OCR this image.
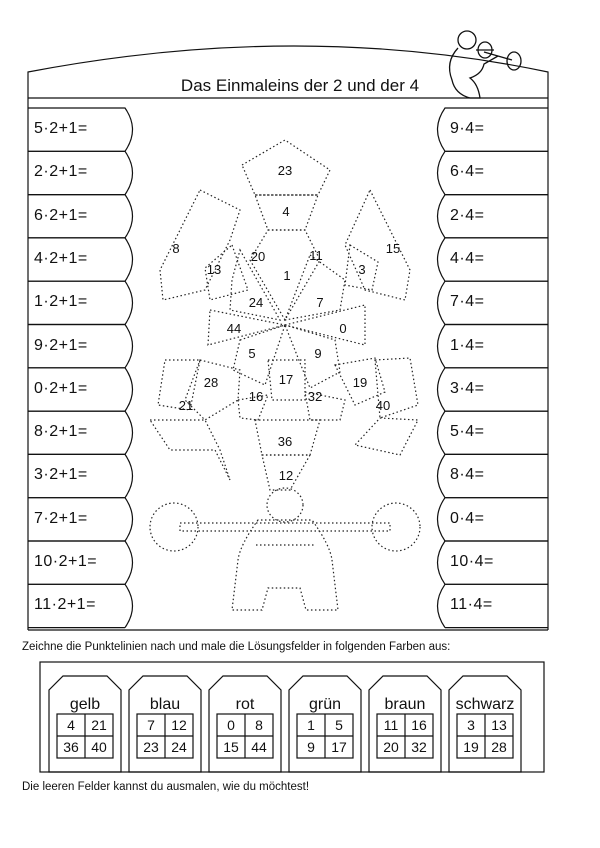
Das Einmaleins der 2 und der 4
5·2+1=
2·2+1=
6·2+1=
4·2+1=
1·2+1=
9·2+1=
0·2+1=
8·2+1=
3·2+1=
7·2+1=
10·2+1=
11·2+1=
9·4=
6·4=
2·4=
4·4=
7·4=
1·4=
3·4=
5·4=
8·4=
0·4=
10·4=
11·4=
23
4
8
13
20	11	15
3
1
24	7
44	0
5	9
17
28	19
21
16	32
40
36
12
Zeichne die Punktelinien nach und male die Lösungsfelder in folgenden Farben aus:
gelb
4	21
36 40
blau
7	12
23 24
rot
0	8
15 44
grün
1	5
9	17
braun
11 16
20 32
schwarz
3	13
19 28
Die leeren Felder kannst du ausmalen, wie du möchtest!
